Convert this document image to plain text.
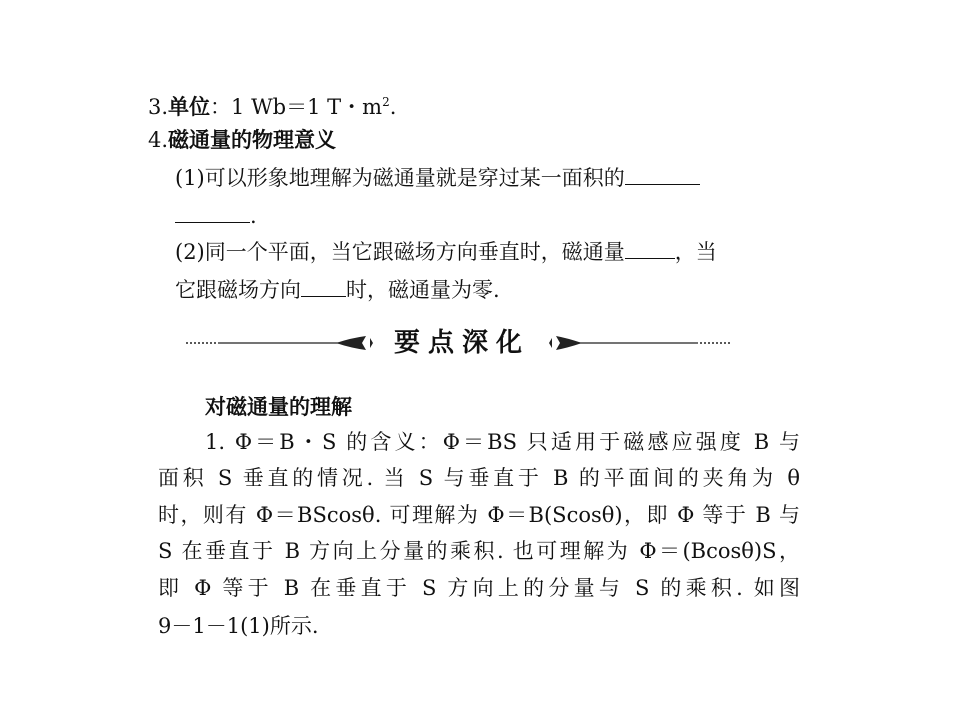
3.单位：1 Wb＝1 T・$m^2$.
4.磁通量的物理意义
(1)可以形象地理解为磁通量就是穿过某一面积的
.
(2)同一个平面，当它跟磁场方向垂直时，磁通量 ，当
它跟磁场方向 时，磁通量为零.
要点深化
对磁通量的理解
1. Φ＝B・S 的含义：Φ＝BS 只适用于磁感应强度 B 与
面积 S 垂直的情况. 当 S 与垂直于 B 的平面间的夹角为 θ
时，则有 Φ＝BScosθ. 可理解为 Φ＝B(Scosθ)，即 Φ 等于 B 与
S 在垂直于 B 方向上分量的乘积. 也可理解为 Φ＝(Bcosθ)S，
即 Φ 等于 B 在垂直于 S 方向上的分量与 S 的乘积. 如图
9－1－1(1)所示.
